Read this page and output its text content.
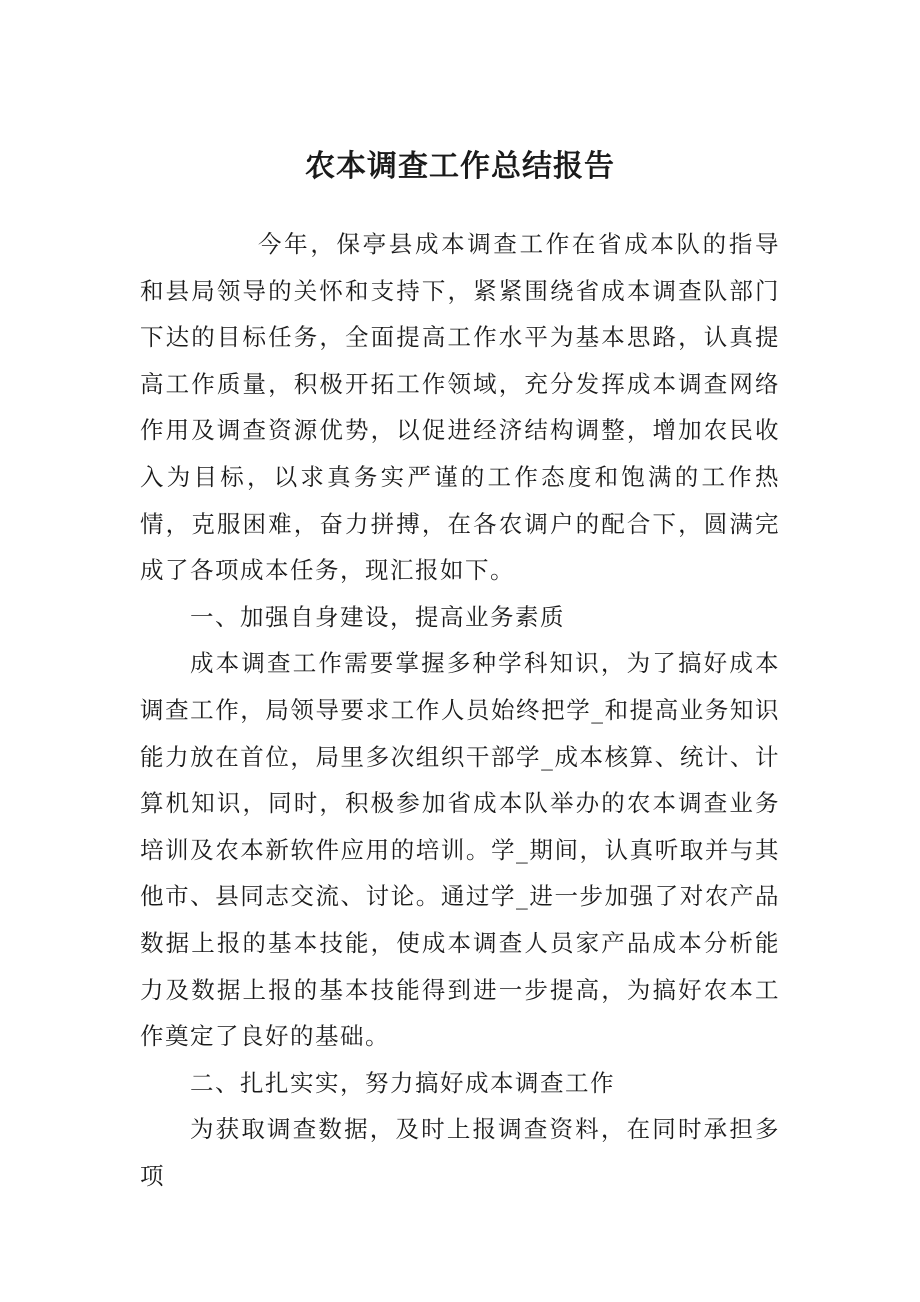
农本调查工作总结报告

今年，保亭县成本调查工作在省成本队的指导和县局领导的关怀和支持下，紧紧围绕省成本调查队部门下达的目标任务，全面提高工作水平为基本思路，认真提高工作质量，积极开拓工作领域，充分发挥成本调查网络作用及调查资源优势，以促进经济结构调整，增加农民收入为目标，以求真务实严谨的工作态度和饱满的工作热情，克服困难，奋力拼搏，在各农调户的配合下，圆满完成了各项成本任务，现汇报如下。

一、加强自身建设，提高业务素质

成本调查工作需要掌握多种学科知识，为了搞好成本调查工作，局领导要求工作人员始终把学_和提高业务知识能力放在首位，局里多次组织干部学_成本核算、统计、计算机知识，同时，积极参加省成本队举办的农本调查业务培训及农本新软件应用的培训。学_期间，认真听取并与其他市、县同志交流、讨论。通过学_进一步加强了对农产品数据上报的基本技能，使成本调查人员家产品成本分析能力及数据上报的基本技能得到进一步提高，为搞好农本工作奠定了良好的基础。

二、扎扎实实，努力搞好成本调查工作

为获取调查数据，及时上报调查资料，在同时承担多项
